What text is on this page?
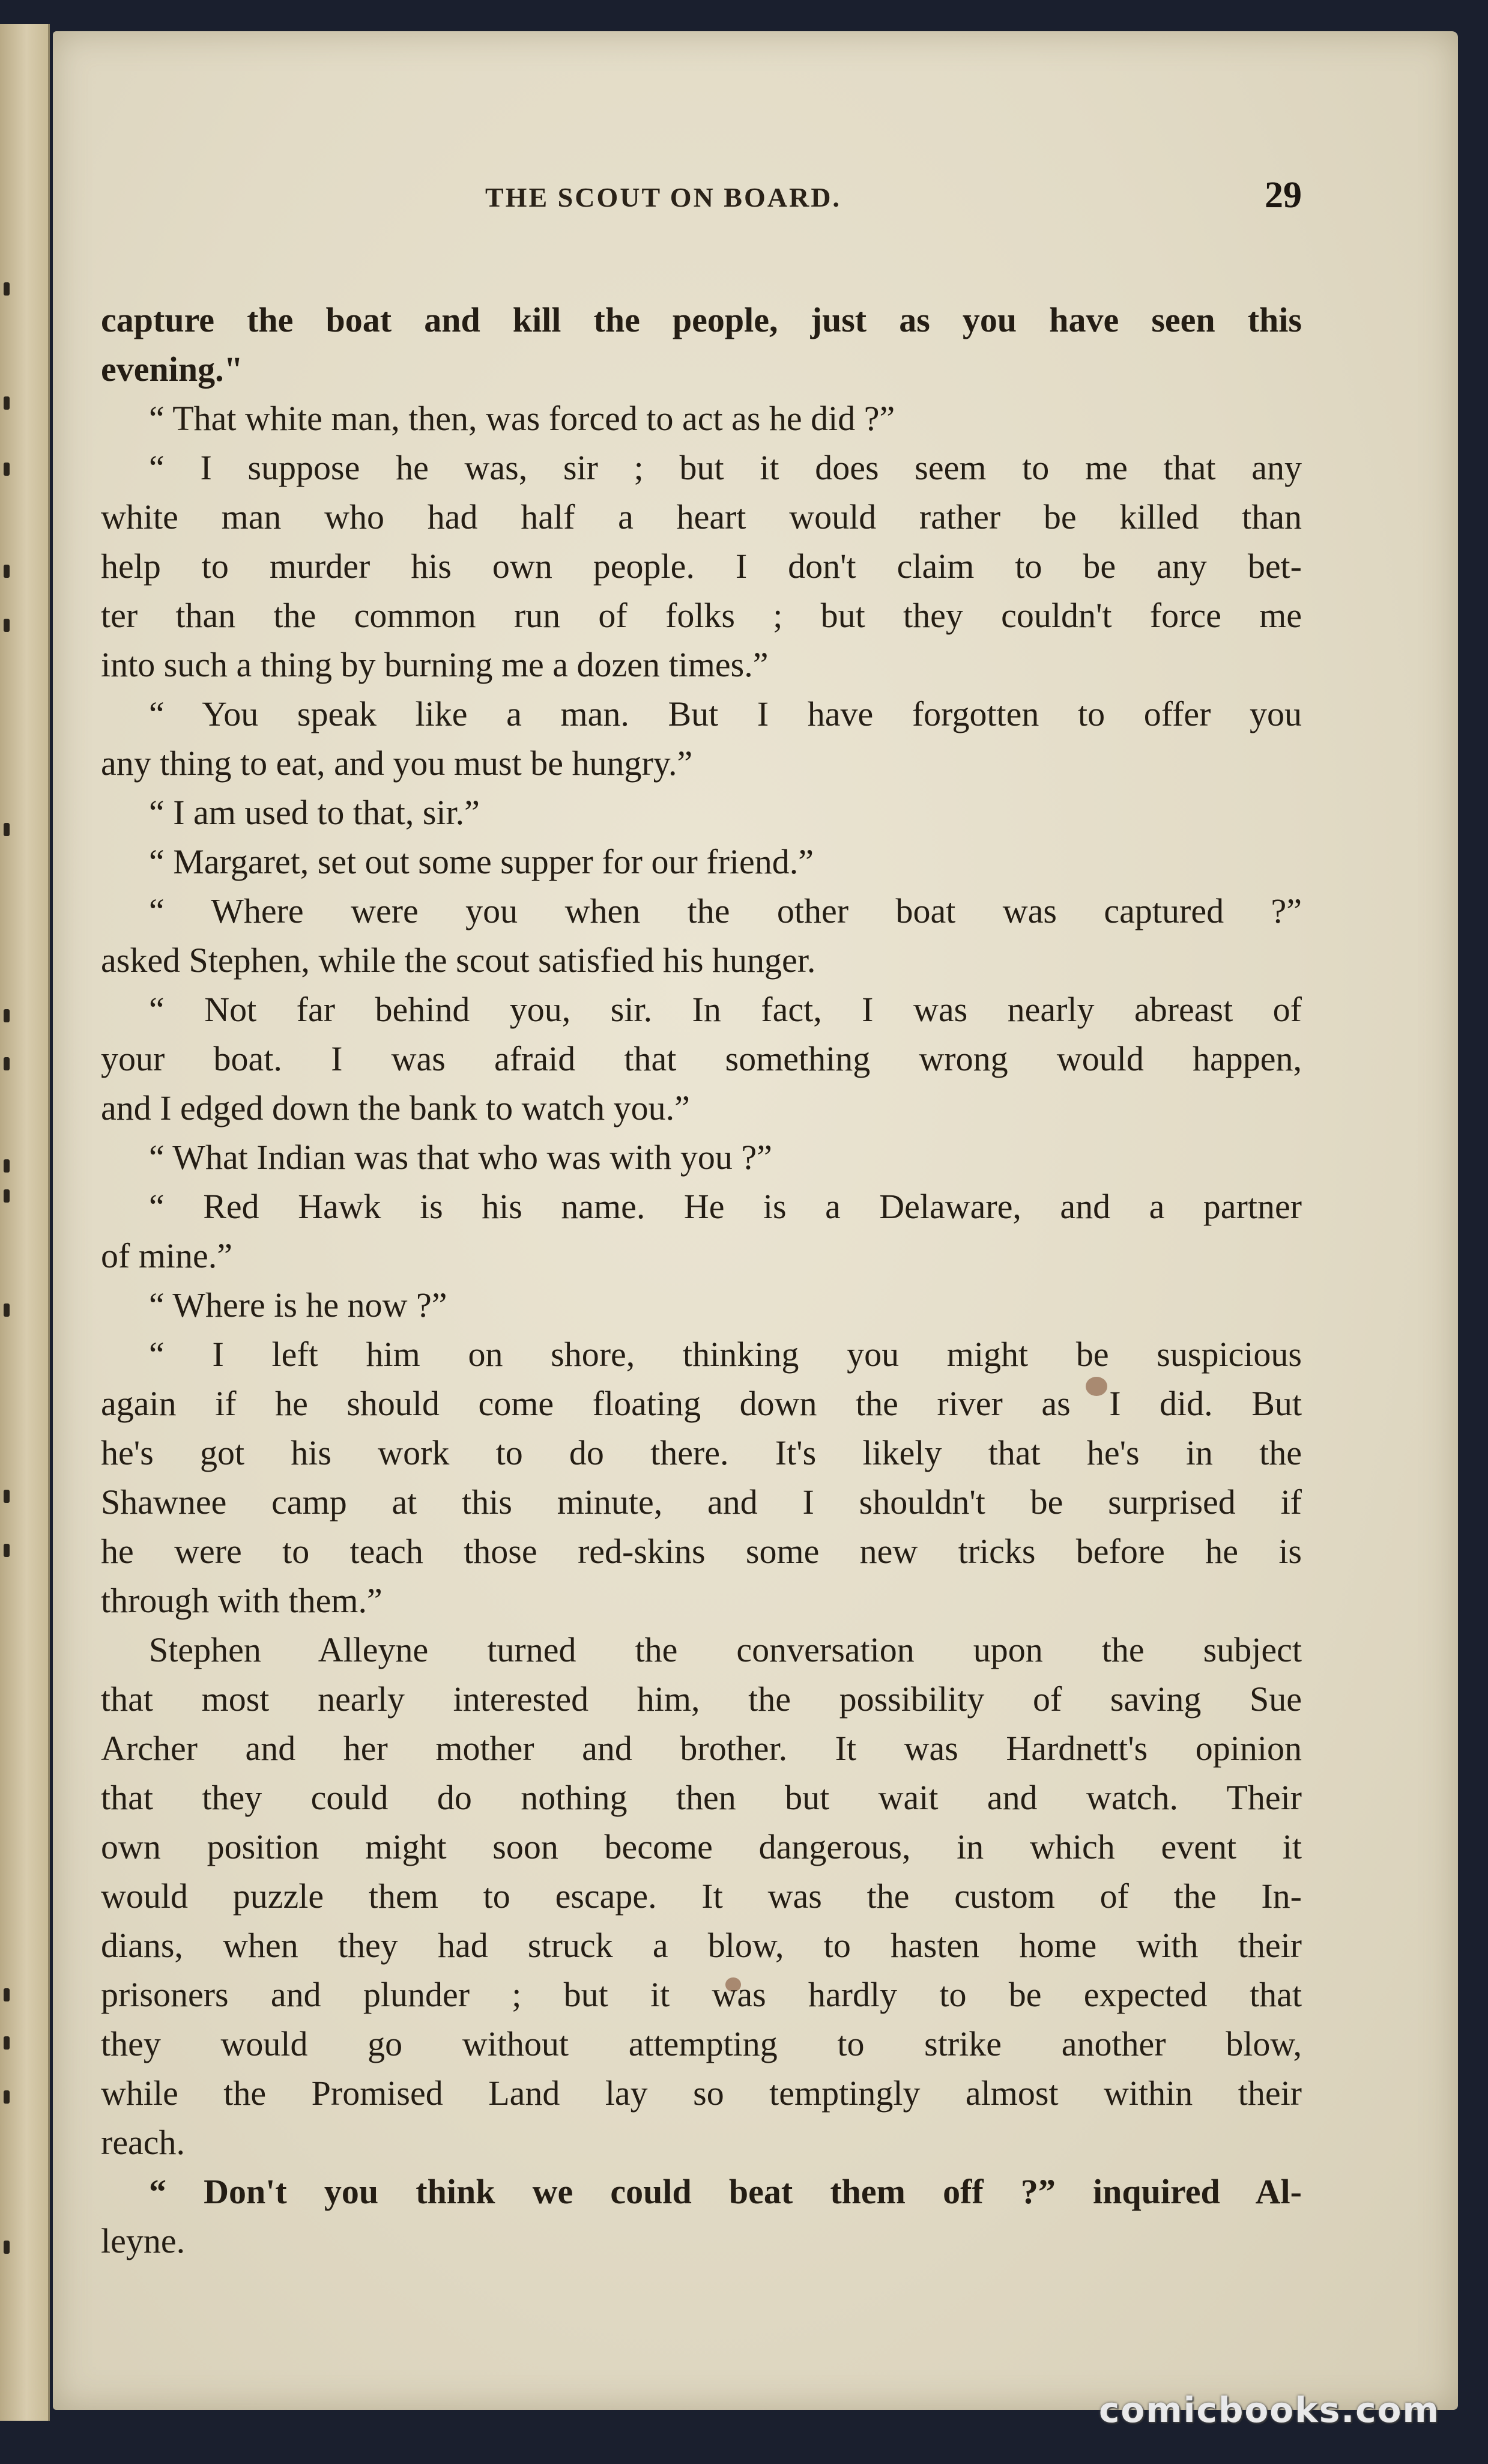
THE SCOUT ON BOARD.	29
capture the boat and kill the people, just as you have seen this
evening."
“ That white man, then, was forced to act as he did ?”
“ I suppose he was, sir ; but it does seem to me that any
white man who had half a heart would rather be killed than
help to murder his own people. I don't claim to be any bet-
ter than the common run of folks ; but they couldn't force me
into such a thing by burning me a dozen times.”
“ You speak like a man. But I have forgotten to offer you
any thing to eat, and you must be hungry.”
“ I am used to that, sir.”
“ Margaret, set out some supper for our friend.”
“ Where were you when the other boat was captured ?”
asked Stephen, while the scout satisfied his hunger.
“ Not far behind you, sir. In fact, I was nearly abreast of
your boat. I was afraid that something wrong would happen,
and I edged down the bank to watch you.”
“ What Indian was that who was with you ?”
“ Red Hawk is his name. He is a Delaware, and a partner
of mine.”
“ Where is he now ?”
“ I left him on shore, thinking you might be suspicious
again if he should come floating down the river as I did. But
he's got his work to do there. It's likely that he's in the
Shawnee camp at this minute, and I shouldn't be surprised if
he were to teach those red-skins some new tricks before he is
through with them.”
Stephen Alleyne turned the conversation upon the subject
that most nearly interested him, the possibility of saving Sue
Archer and her mother and brother. It was Hardnett's opinion
that they could do nothing then but wait and watch. Their
own position might soon become dangerous, in which event it
would puzzle them to escape. It was the custom of the In-
dians, when they had struck a blow, to hasten home with their
prisoners and plunder ; but it was hardly to be expected that
they would go without attempting to strike another blow,
while the Promised Land lay so temptingly almost within their
reach.
“ Don't you think we could beat them off ?” inquired Al-
leyne.
comicbooks.com
